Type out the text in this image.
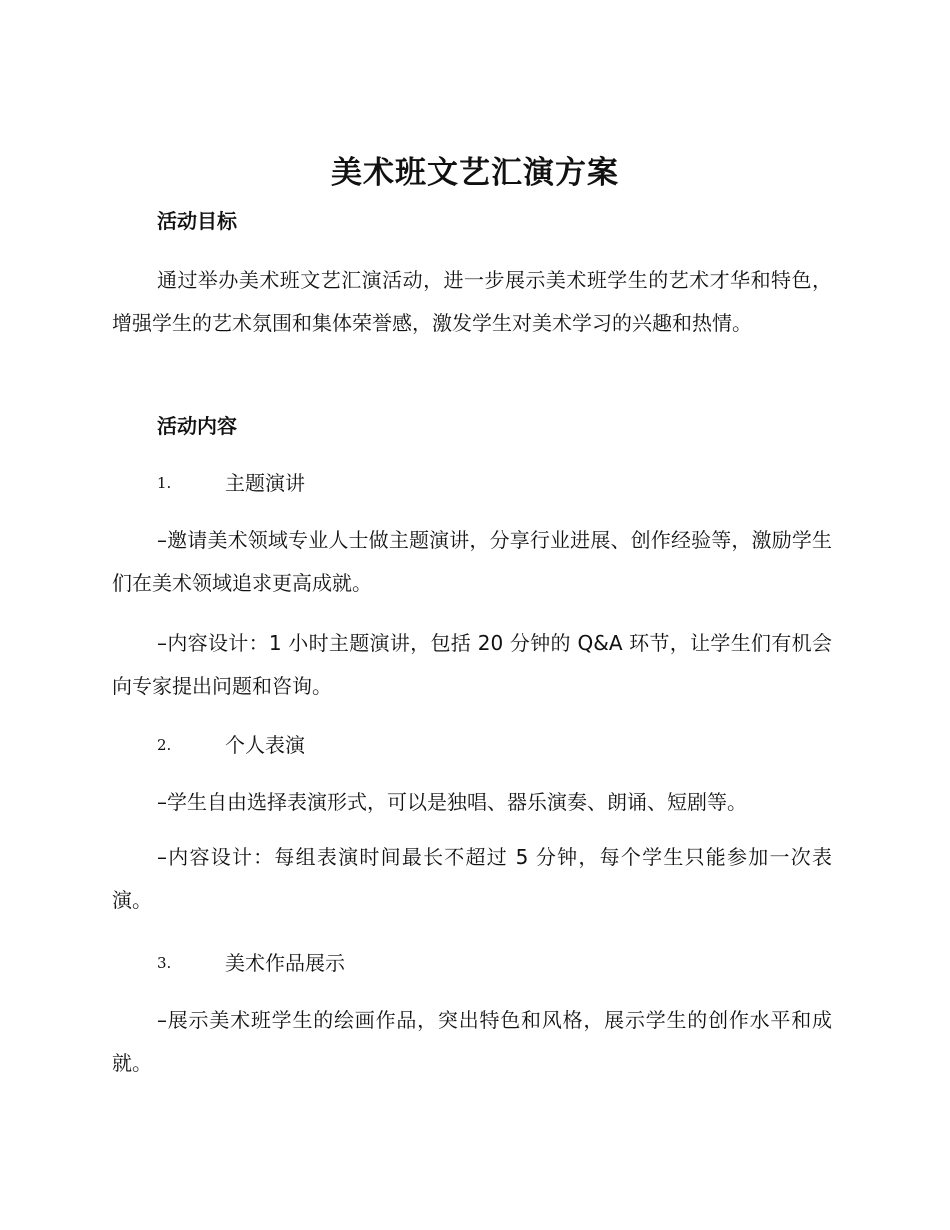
美术班文艺汇演方案
活动目标
通过举办美术班文艺汇演活动，进一步展示美术班学生的艺术才华和特色，增强学生的艺术氛围和集体荣誉感，激发学生对美术学习的兴趣和热情。
活动内容
1.	主题演讲
–邀请美术领域专业人士做主题演讲，分享行业进展、创作经验等，激励学生们在美术领域追求更高成就。
–内容设计：1 小时主题演讲，包括 20 分钟的 Q&A 环节，让学生们有机会向专家提出问题和咨询。
2.	个人表演
–学生自由选择表演形式，可以是独唱、器乐演奏、朗诵、短剧等。
–内容设计：每组表演时间最长不超过 5 分钟，每个学生只能参加一次表演。
3.	美术作品展示
–展示美术班学生的绘画作品，突出特色和风格，展示学生的创作水平和成就。
